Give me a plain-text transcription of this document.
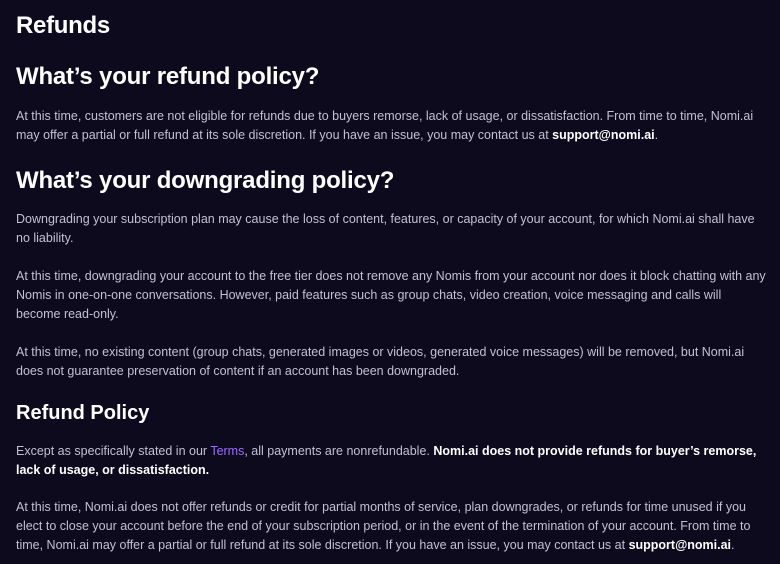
Refunds
What’s your refund policy?

At this time, customers are not eligible for refunds due to buyers remorse, lack of usage, or dissatisfaction. From time to time, Nomi.ai may offer a partial or full refund at its sole discretion. If you have an issue, you may contact us at support@nomi.ai.

What’s your downgrading policy?

Downgrading your subscription plan may cause the loss of content, features, or capacity of your account, for which Nomi.ai shall have no liability.

At this time, downgrading your account to the free tier does not remove any Nomis from your account nor does it block chatting with any Nomis in one-on-one conversations. However, paid features such as group chats, video creation, voice messaging and calls will become read-only.

At this time, no existing content (group chats, generated images or videos, generated voice messages) will be removed, but Nomi.ai does not guarantee preservation of content if an account has been downgraded.

Refund Policy

Except as specifically stated in our Terms, all payments are nonrefundable. Nomi.ai does not provide refunds for buyer’s remorse, lack of usage, or dissatisfaction.

At this time, Nomi.ai does not offer refunds or credit for partial months of service, plan downgrades, or refunds for time unused if you elect to close your account before the end of your subscription period, or in the event of the termination of your account. From time to time, Nomi.ai may offer a partial or full refund at its sole discretion. If you have an issue, you may contact us at support@nomi.ai.
